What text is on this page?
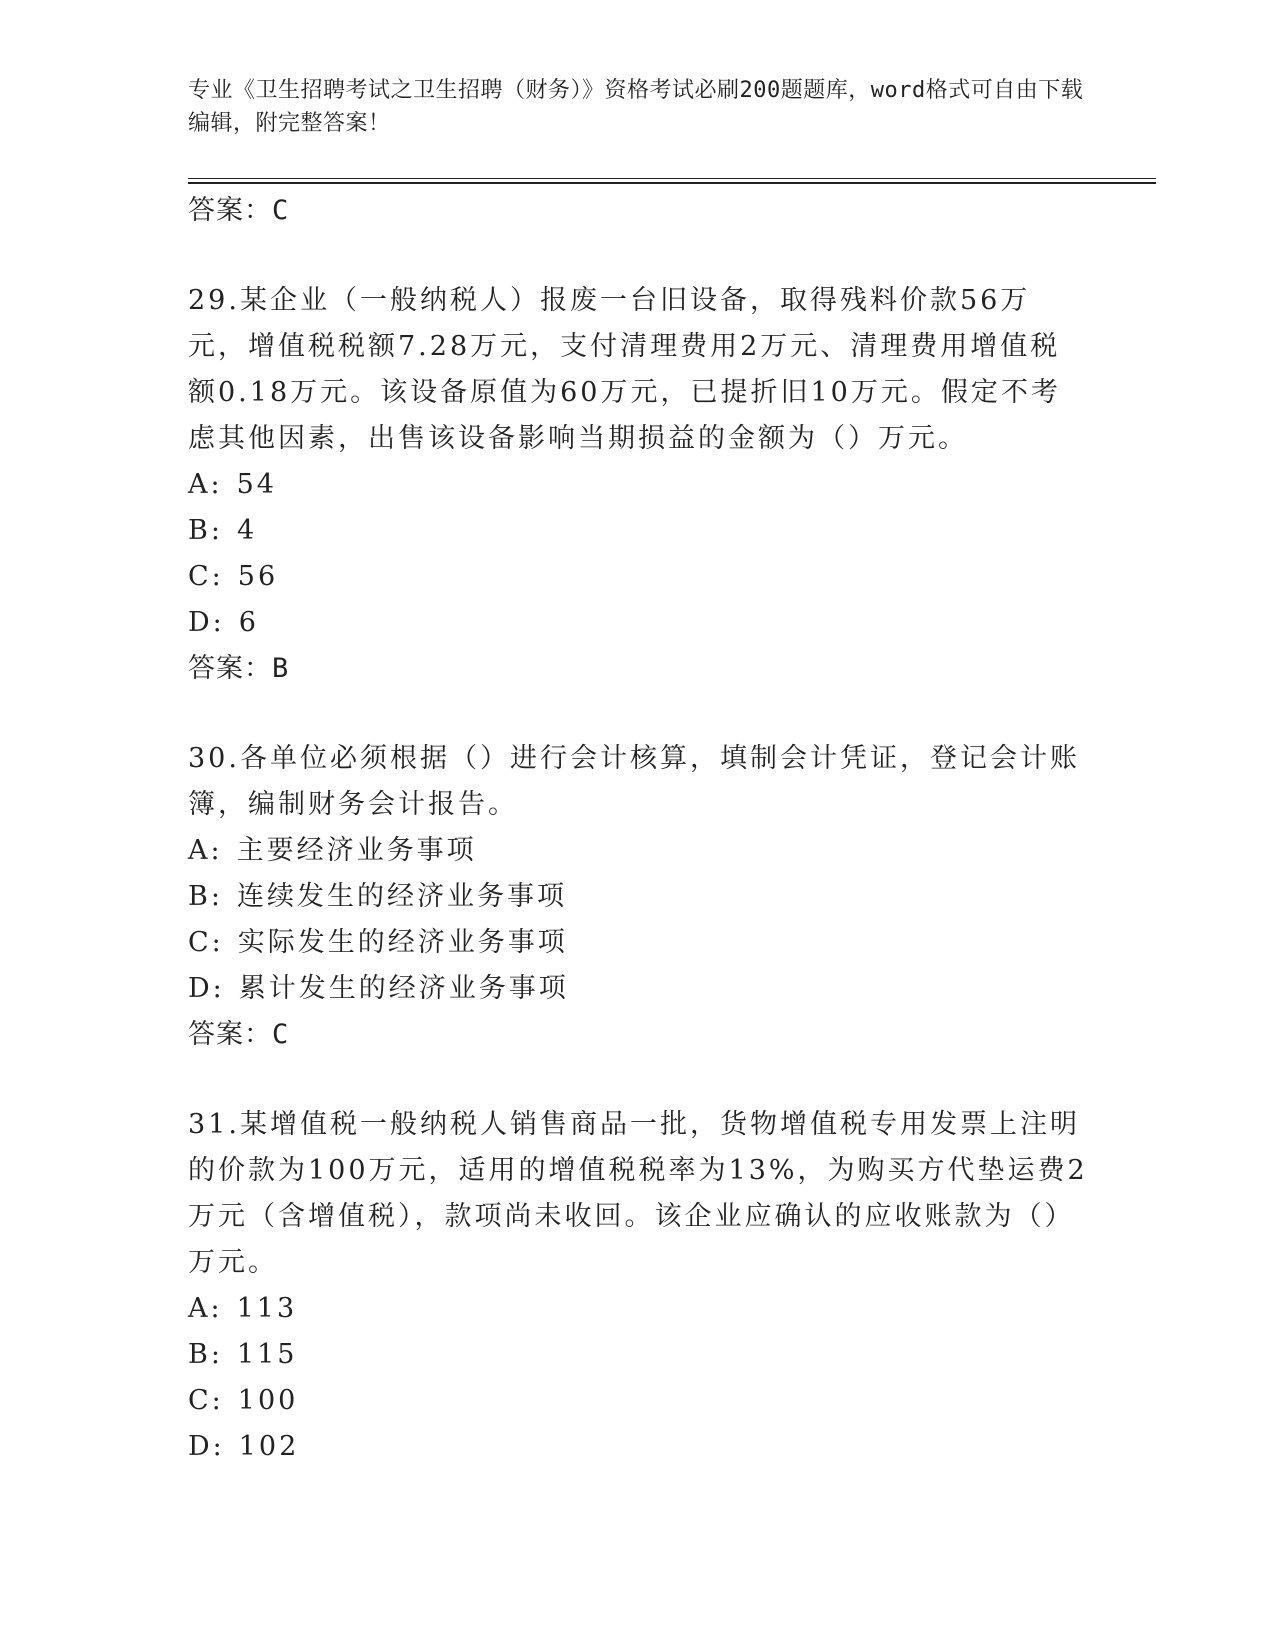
专业《卫生招聘考试之卫生招聘（财务）》资格考试必刷200题题库，word格式可自由下载编辑，附完整答案！
答案：C
29.某企业（一般纳税人）报废一台旧设备，取得残料价款56万元，增值税税额7.28万元，支付清理费用2万元、清理费用增值税额0.18万元。该设备原值为60万元，已提折旧10万元。假定不考虑其他因素，出售该设备影响当期损益的金额为（）万元。
A: 54
B: 4
C: 56
D: 6
答案：B
30.各单位必须根据（）进行会计核算，填制会计凭证，登记会计账簿，编制财务会计报告。
A: 主要经济业务事项
B: 连续发生的经济业务事项
C: 实际发生的经济业务事项
D: 累计发生的经济业务事项
答案：C
31.某增值税一般纳税人销售商品一批，货物增值税专用发票上注明的价款为100万元，适用的增值税税率为13%，为购买方代垫运费2万元（含增值税），款项尚未收回。该企业应确认的应收账款为（）万元。
A: 113
B: 115
C: 100
D: 102
